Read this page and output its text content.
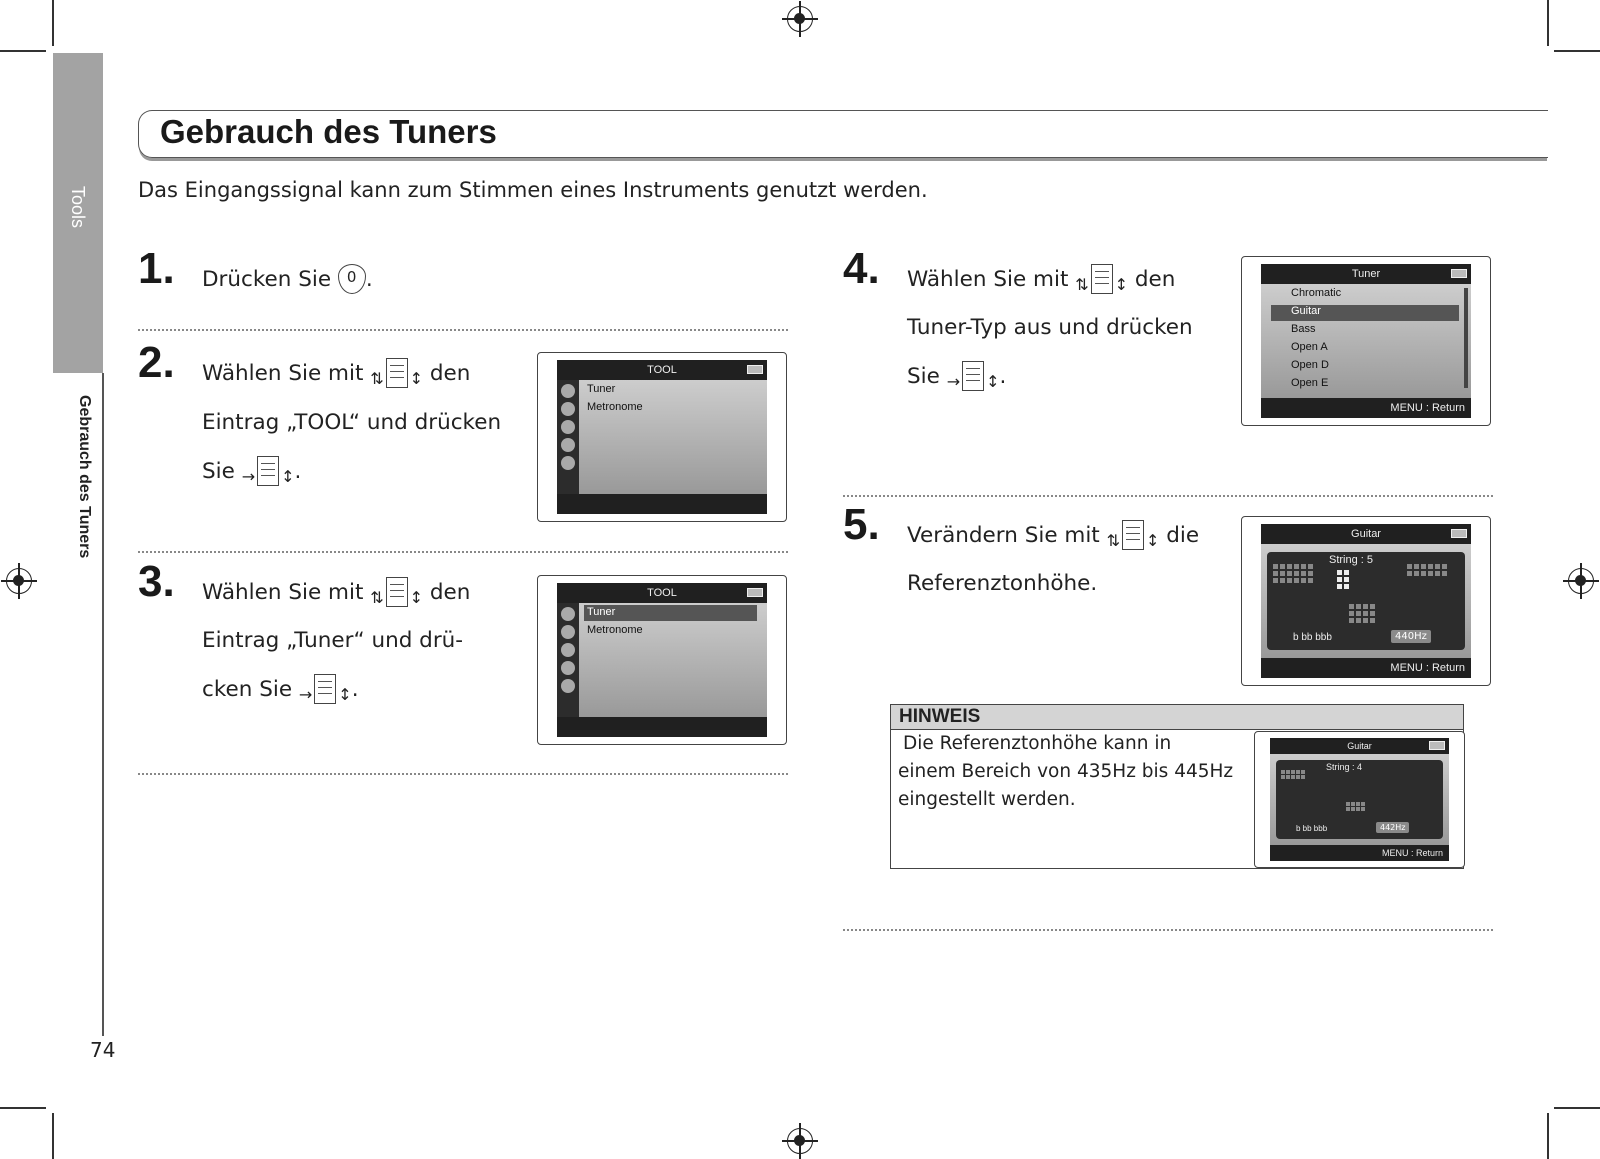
Tools
Gebrauch des Tuners
Gebrauch des Tuners
Das Eingangssignal kann zum Stimmen eines Instruments genutzt werden.
1. Drücken Sie 0 .
2. Wählen Sie mit ⇅ ↕ den
Eintrag „TOOL“ und drücken
Sie → ↕.
TOOL
Tuner
Metronome
3. Wählen Sie mit ⇅ ↕ den
Eintrag „Tuner“ und drü-
cken Sie → ↕.
TOOL
Tuner
Metronome
4. Wählen Sie mit ⇅ ↕ den
Tuner-Typ aus und drücken
Sie → ↕.
Tuner
Chromatic
Guitar
Bass
Open A
Open D
Open E
MENU : Return
5. Verändern Sie mit ⇅ ↕ die
Referenztonhöhe.
Guitar
String : 5
b bb bbb	440Hz
MENU : Return
HINWEIS
Die Referenztonhöhe kann in
einem Bereich von 435Hz bis 445Hz
eingestellt werden.
Guitar
String : 4
b bb bbb	442Hz
MENU : Return
74
